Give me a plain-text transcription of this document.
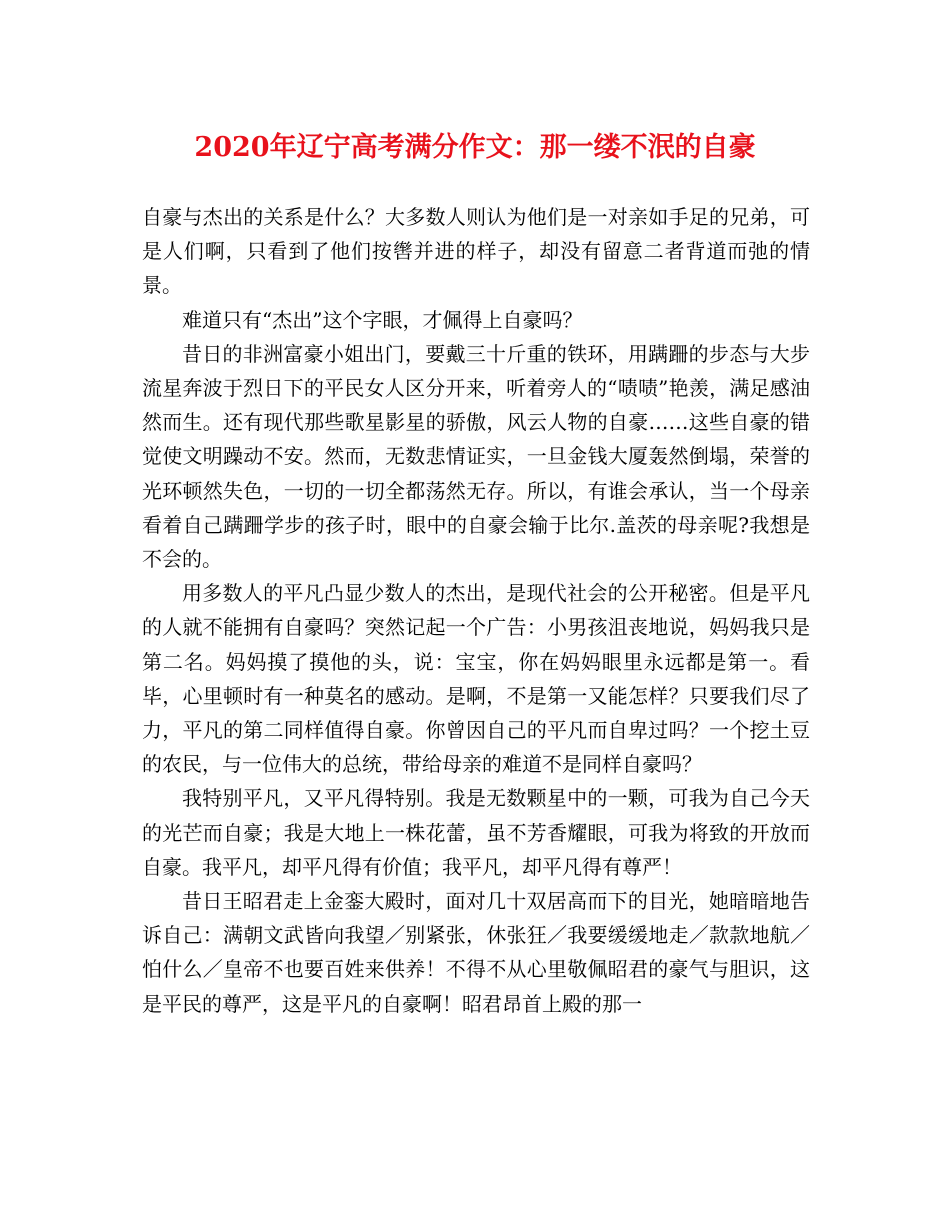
2020年辽宁高考满分作文：那一缕不泯的自豪

自豪与杰出的关系是什么？大多数人则认为他们是一对亲如手足的兄弟，可是人们啊，只看到了他们按辔并进的样子，却没有留意二者背道而弛的情景。

难道只有“杰出”这个字眼，才佩得上自豪吗？

昔日的非洲富豪小姐出门，要戴三十斤重的铁环，用蹒跚的步态与大步流星奔波于烈日下的平民女人区分开来，听着旁人的“啧啧”艳羡，满足感油然而生。还有现代那些歌星影星的骄傲，风云人物的自豪……这些自豪的错觉使文明躁动不安。然而，无数悲情证实，一旦金钱大厦轰然倒塌，荣誉的光环顿然失色，一切的一切全都荡然无存。所以，有谁会承认，当一个母亲看着自己蹒跚学步的孩子时，眼中的自豪会输于比尔.盖茨的母亲呢?我想是不会的。

用多数人的平凡凸显少数人的杰出，是现代社会的公开秘密。但是平凡的人就不能拥有自豪吗？突然记起一个广告：小男孩沮丧地说，妈妈我只是第二名。妈妈摸了摸他的头，说：宝宝，你在妈妈眼里永远都是第一。看毕，心里顿时有一种莫名的感动。是啊，不是第一又能怎样？只要我们尽了力，平凡的第二同样值得自豪。你曾因自己的平凡而自卑过吗？一个挖土豆的农民，与一位伟大的总统，带给母亲的难道不是同样自豪吗？

我特别平凡，又平凡得特别。我是无数颗星中的一颗，可我为自己今天的光芒而自豪；我是大地上一株花蕾，虽不芳香耀眼，可我为将致的开放而自豪。我平凡，却平凡得有价值；我平凡，却平凡得有尊严！

昔日王昭君走上金銮大殿时，面对几十双居高而下的目光，她暗暗地告诉自己：满朝文武皆向我望／别紧张，休张狂／我要缓缓地走／款款地航／怕什么／皇帝不也要百姓来供养！不得不从心里敬佩昭君的豪气与胆识，这是平民的尊严，这是平凡的自豪啊！昭君昂首上殿的那一
